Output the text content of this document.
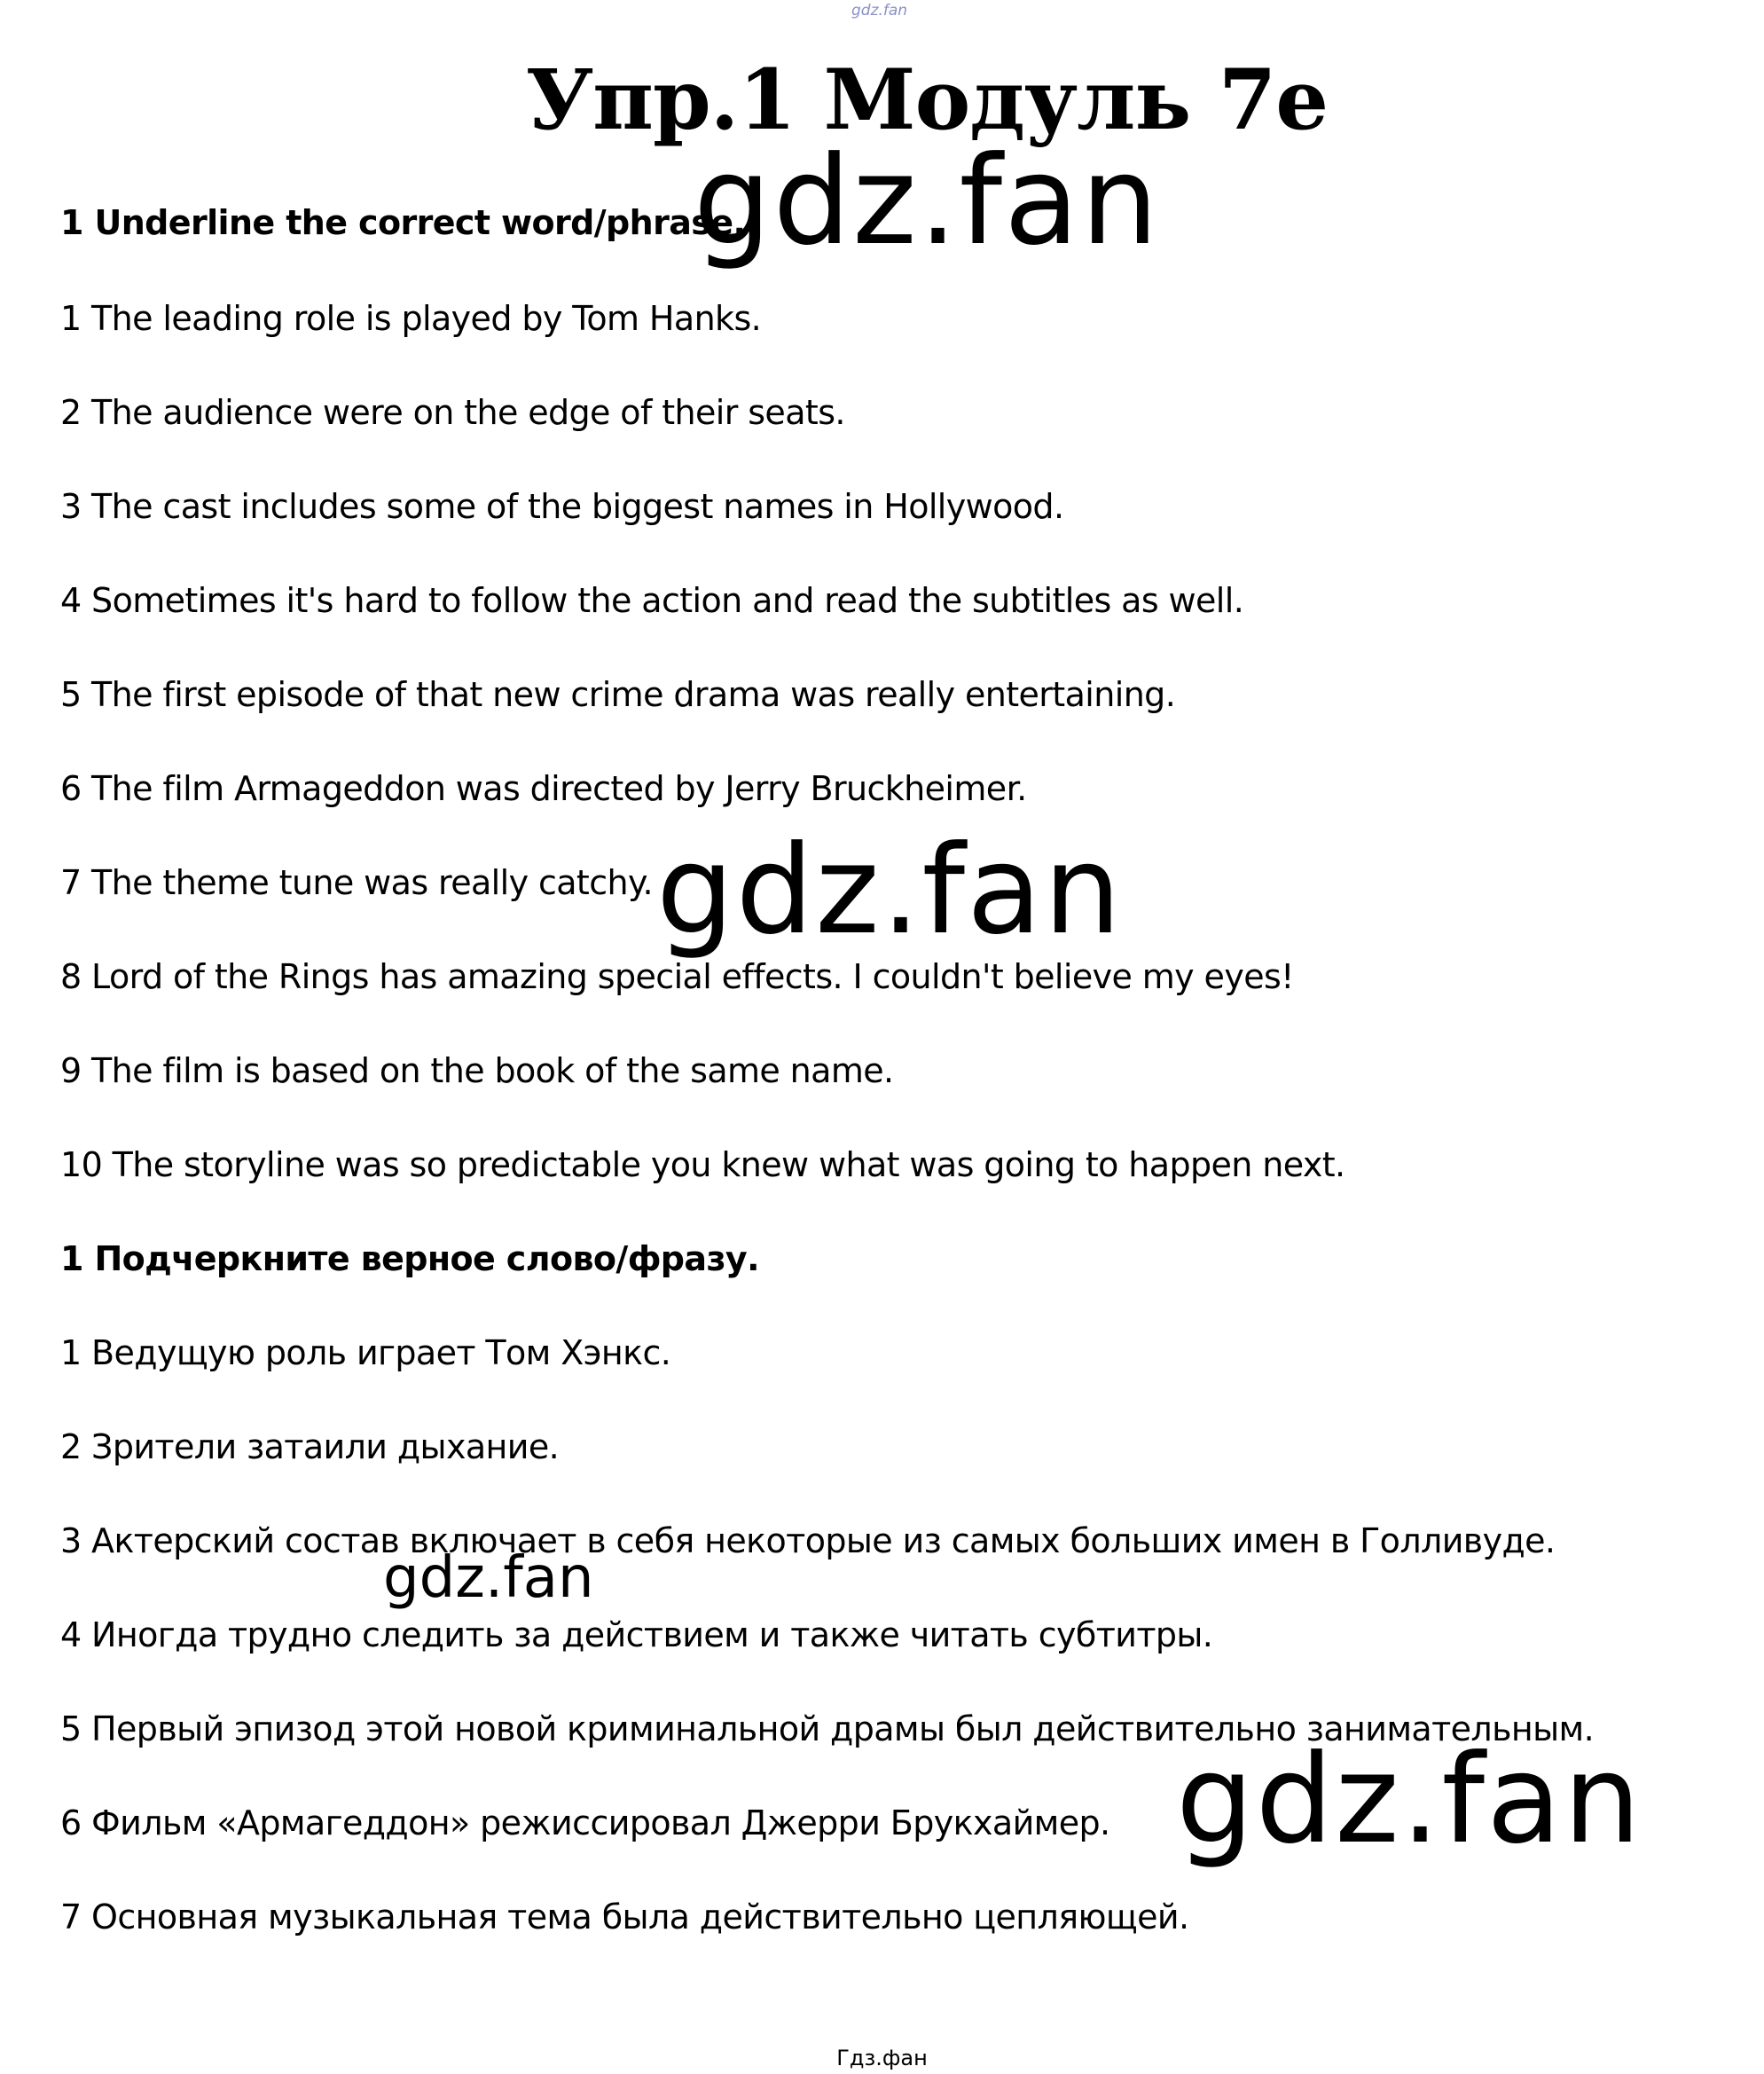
gdz.fan
Упр.1 Модуль 7е
1 Underline the correct word/phrase.
1 The leading role is played by Tom Hanks.
2 The audience were on the edge of their seats.
3 The cast includes some of the biggest names in Hollywood.
4 Sometimes it's hard to follow the action and read the subtitles as well.
5 The first episode of that new crime drama was really entertaining.
6 The film Armageddon was directed by Jerry Bruckheimer.
7 The theme tune was really catchy.
8 Lord of the Rings has amazing special effects. I couldn't believe my eyes!
9 The film is based on the book of the same name.
10 The storyline was so predictable you knew what was going to happen next.
1 Подчеркните верное слово/фразу.
1 Ведущую роль играет Том Хэнкс.
2 Зрители затаили дыхание.
3 Актерский состав включает в себя некоторые из самых больших имен в Голливуде.
4 Иногда трудно следить за действием и также читать субтитры.
5 Первый эпизод этой новой криминальной драмы был действительно занимательным.
6 Фильм «Армагеддон» режиссировал Джерри Брукхаймер.
7 Основная музыкальная тема была действительно цепляющей.
gdz.fan
gdz.fan
gdz.fan
gdz.fan
Гдз.фан
